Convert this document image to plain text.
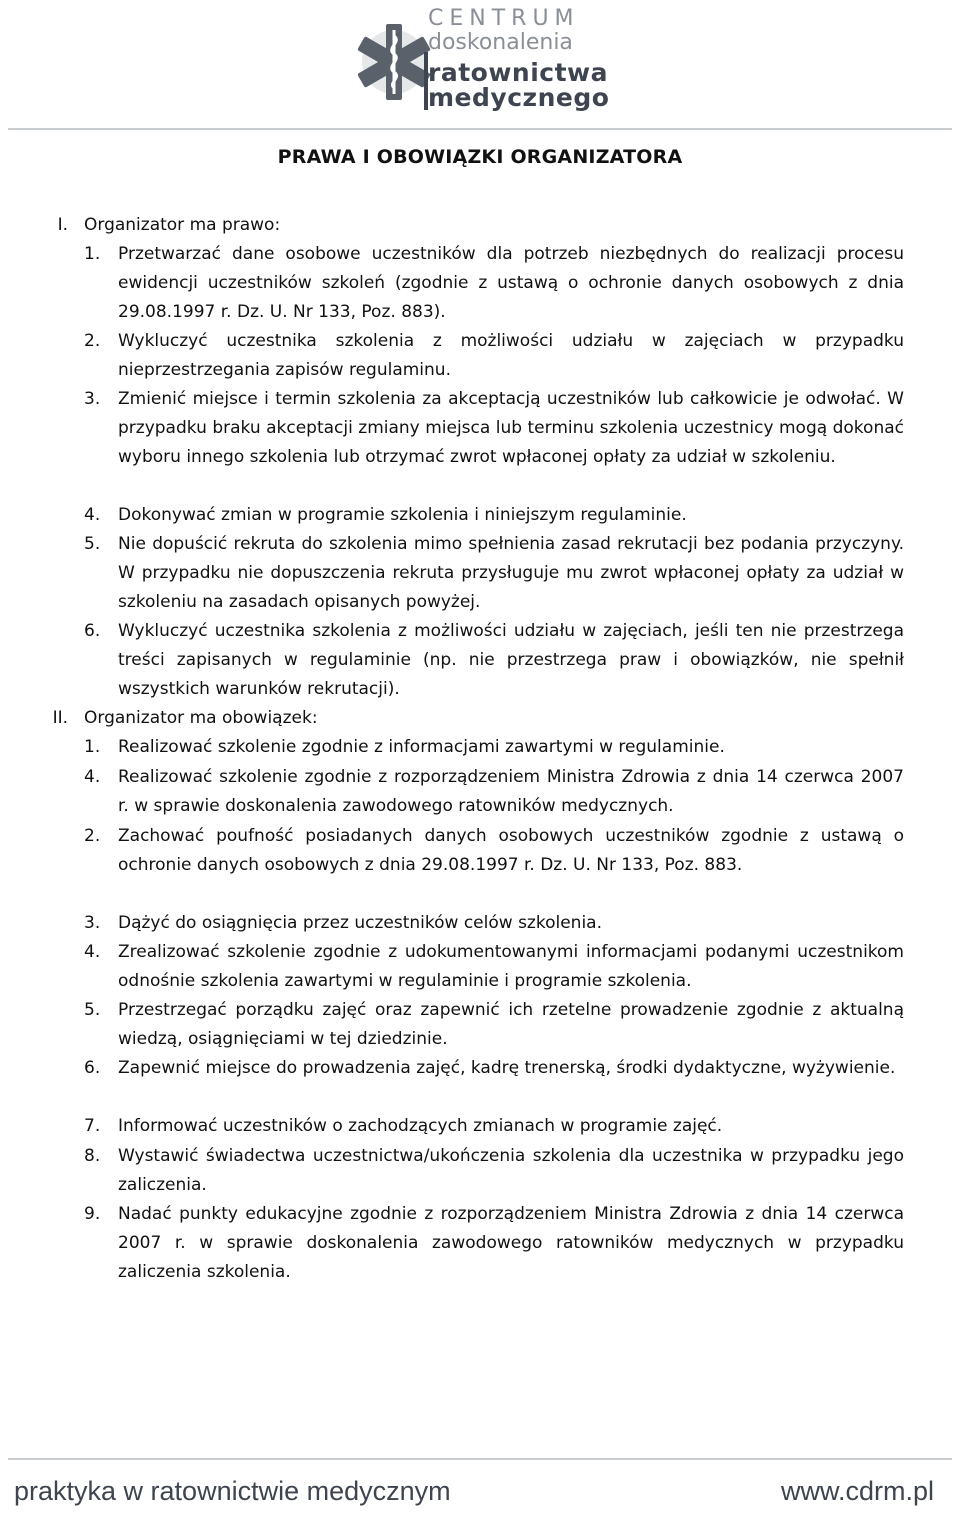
CENTRUM
doskonalenia
ratownictwa
medycznego
PRAWA I OBOWIĄZKI ORGANIZATORA
I. Organizator ma prawo:
1.	Przetwarzać dane osobowe uczestników dla potrzeb niezbędnych do realizacji procesu ewidencji uczestników szkoleń (zgodnie z ustawą o ochronie danych osobowych z dnia 29.08.1997 r. Dz. U. Nr 133, Poz. 883).
2.	Wykluczyć uczestnika szkolenia z możliwości udziału w zajęciach w przypadku nieprzestrzegania zapisów regulaminu.
3.	Zmienić miejsce i termin szkolenia za akceptacją uczestników lub całkowicie je odwołać. W przypadku braku akceptacji zmiany miejsca lub terminu szkolenia uczestnicy mogą dokonać wyboru innego szkolenia lub otrzymać zwrot wpłaconej opłaty za udział w szkoleniu.
4.	Dokonywać zmian w programie szkolenia i niniejszym regulaminie.
5.	Nie dopuścić rekruta do szkolenia mimo spełnienia zasad rekrutacji bez podania przyczyny. W przypadku nie dopuszczenia rekruta przysługuje mu zwrot wpłaconej opłaty za udział w szkoleniu na zasadach opisanych powyżej.
6.	Wykluczyć uczestnika szkolenia z możliwości udziału w zajęciach, jeśli ten nie przestrzega treści zapisanych w regulaminie (np. nie przestrzega praw i obowiązków, nie spełnił wszystkich warunków rekrutacji).
II. Organizator ma obowiązek:
1.	Realizować szkolenie zgodnie z informacjami zawartymi w regulaminie.
4.	Realizować szkolenie zgodnie z rozporządzeniem Ministra Zdrowia z dnia 14 czerwca 2007 r. w sprawie doskonalenia zawodowego ratowników medycznych.
2.	Zachować poufność posiadanych danych osobowych uczestników zgodnie z ustawą o ochronie danych osobowych z dnia 29.08.1997 r. Dz. U. Nr 133, Poz. 883.
3.	Dążyć do osiągnięcia przez uczestników celów szkolenia.
4.	Zrealizować szkolenie zgodnie z udokumentowanymi informacjami podanymi uczestnikom odnośnie szkolenia zawartymi w regulaminie i programie szkolenia.
5.	Przestrzegać porządku zajęć oraz zapewnić ich rzetelne prowadzenie zgodnie z aktualną wiedzą, osiągnięciami w tej dziedzinie.
6.	Zapewnić miejsce do prowadzenia zajęć, kadrę trenerską, środki dydaktyczne, wyżywienie.
7.	Informować uczestników o zachodzących zmianach w programie zajęć.
8.	Wystawić świadectwa uczestnictwa/ukończenia szkolenia dla uczestnika w przypadku jego zaliczenia.
9.	Nadać punkty edukacyjne zgodnie z rozporządzeniem Ministra Zdrowia z dnia 14 czerwca 2007 r. w sprawie doskonalenia zawodowego ratowników medycznych w przypadku zaliczenia szkolenia.
praktyka w ratownictwie medycznym	www.cdrm.pl
